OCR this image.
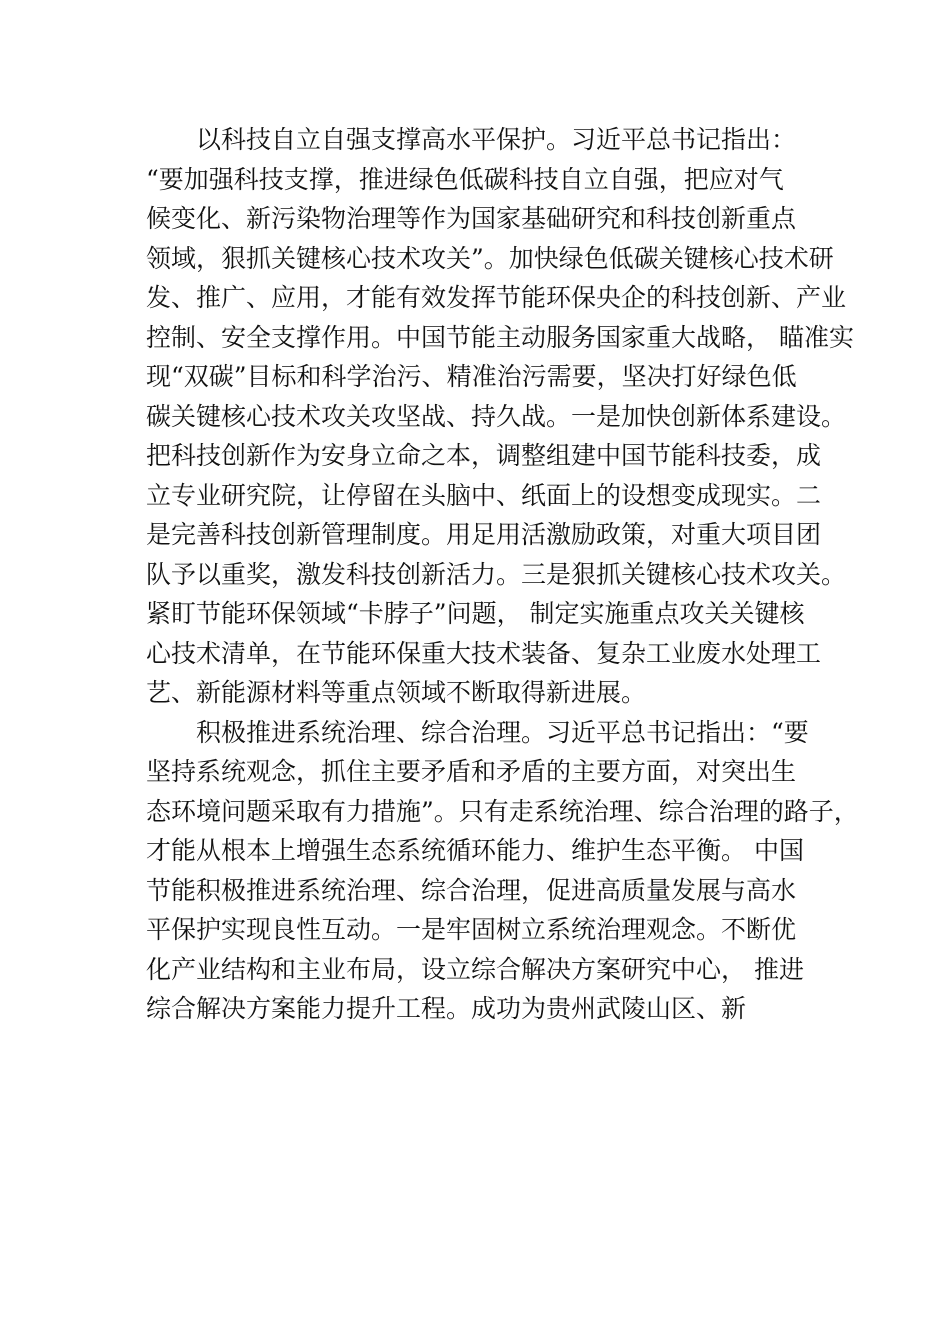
　　以科技自立自强支撑高水平保护。习近平总书记指出：
“要加强科技支撑，推进绿色低碳科技自立自强，把应对气
候变化、新污染物治理等作为国家基础研究和科技创新重点
领域，狠抓关键核心技术攻关”。加快绿色低碳关键核心技术研
发、推广、应用，才能有效发挥节能环保央企的科技创新、产业
控制、安全支撑作用。中国节能主动服务国家重大战略， 瞄准实
现“双碳”目标和科学治污、精准治污需要，坚决打好绿色低
碳关键核心技术攻关攻坚战、持久战。一是加快创新体系建设。
把科技创新作为安身立命之本，调整组建中国节能科技委，成
立专业研究院，让停留在头脑中、纸面上的设想变成现实。二
是完善科技创新管理制度。用足用活激励政策，对重大项目团
队予以重奖，激发科技创新活力。三是狠抓关键核心技术攻关。
紧盯节能环保领域“卡脖子”问题， 制定实施重点攻关关键核
心技术清单，在节能环保重大技术装备、复杂工业废水处理工
艺、新能源材料等重点领域不断取得新进展。
　　积极推进系统治理、综合治理。习近平总书记指出：“要
坚持系统观念，抓住主要矛盾和矛盾的主要方面，对突出生
态环境问题采取有力措施”。只有走系统治理、综合治理的路子，
才能从根本上增强生态系统循环能力、维护生态平衡。 中国
节能积极推进系统治理、综合治理，促进高质量发展与高水
平保护实现良性互动。一是牢固树立系统治理观念。不断优
化产业结构和主业布局，设立综合解决方案研究中心， 推进
综合解决方案能力提升工程。成功为贵州武陵山区、新
